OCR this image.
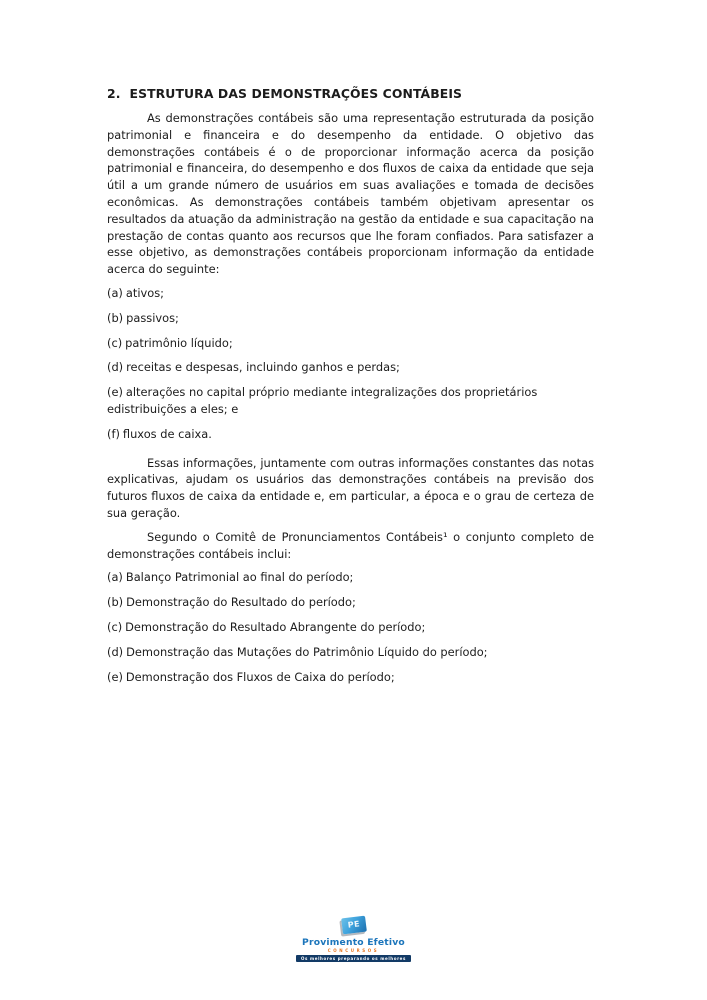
2. ESTRUTURA DAS DEMONSTRAÇÕES CONTÁBEIS

As demonstrações contábeis são uma representação estruturada da posição patrimonial e financeira e do desempenho da entidade. O objetivo das demonstrações contábeis é o de proporcionar informação acerca da posição patrimonial e financeira, do desempenho e dos fluxos de caixa da entidade que seja útil a um grande número de usuários em suas avaliações e tomada de decisões econômicas. As demonstrações contábeis também objetivam apresentar os resultados da atuação da administração na gestão da entidade e sua capacitação na prestação de contas quanto aos recursos que lhe foram confiados. Para satisfazer a esse objetivo, as demonstrações contábeis proporcionam informação da entidade acerca do seguinte:

(a) ativos;

(b) passivos;

(c) patrimônio líquido;

(d) receitas e despesas, incluindo ganhos e perdas;

(e) alterações no capital próprio mediante integralizações dos proprietários edistribuições a eles; e

(f) fluxos de caixa.

Essas informações, juntamente com outras informações constantes das notas explicativas, ajudam os usuários das demonstrações contábeis na previsão dos futuros fluxos de caixa da entidade e, em particular, a época e o grau de certeza de sua geração.

Segundo o Comitê de Pronunciamentos Contábeis¹ o conjunto completo de demonstrações contábeis inclui:

(a) Balanço Patrimonial ao final do período;

(b) Demonstração do Resultado do período;

(c) Demonstração do Resultado Abrangente do período;

(d) Demonstração das Mutações do Patrimônio Líquido do período;

(e) Demonstração dos Fluxos de Caixa do período;

PE
Provimento Efetivo
CONCURSOS
Os melhores preparando os melhores
